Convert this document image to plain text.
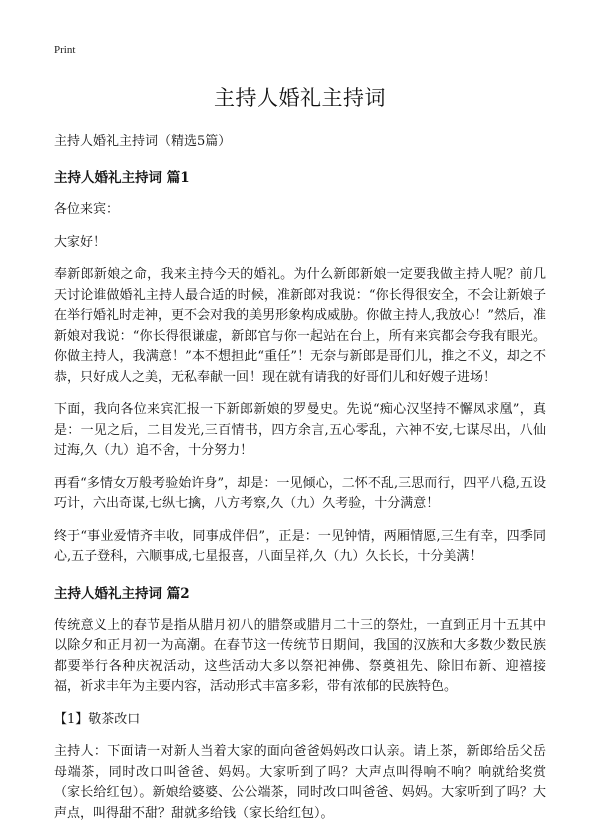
Print
主持人婚礼主持词
主持人婚礼主持词（精选5篇）
主持人婚礼主持词 篇1

各位来宾：

大家好！

奉新郎新娘之命，我来主持今天的婚礼。为什么新郎新娘一定要我做主持人呢？前几天讨论谁做婚礼主持人最合适的时候，准新郎对我说：“你长得很安全，不会让新娘子在举行婚礼时走神，更不会对我的美男形象构成威胁。你做主持人,我放心！”然后，准新娘对我说：“你长得很谦虚，新郎官与你一起站在台上，所有来宾都会夸我有眼光。你做主持人，我满意！”本不想担此“重任”！无奈与新郎是哥们儿，推之不义，却之不恭，只好成人之美，无私奉献一回！现在就有请我的好哥们儿和好嫂子进场！

下面，我向各位来宾汇报一下新郎新娘的罗曼史。先说“痴心汉坚持不懈凤求凰”，真是：一见之后，二目发光,三百情书，四方余言,五心零乱，六神不安,七谋尽出，八仙过海,久（九）追不舍，十分努力！

再看“多情女万般考验始许身”，却是：一见倾心，二怀不乱,三思而行，四平八稳,五设巧计，六出奇谋,七纵七擒，八方考察,久（九）久考验，十分满意！

终于“事业爱情齐丰收，同事成伴侣”，正是：一见钟情，两厢情愿,三生有幸，四季同心,五子登科，六顺事成,七星报喜，八面呈祥,久（九）久长长，十分美满！

主持人婚礼主持词 篇2

传统意义上的春节是指从腊月初八的腊祭或腊月二十三的祭灶，一直到正月十五其中以除夕和正月初一为高潮。在春节这一传统节日期间，我国的汉族和大多数少数民族都要举行各种庆祝活动，这些活动大多以祭祀神佛、祭奠祖先、除旧布新、迎禧接福，祈求丰年为主要内容，活动形式丰富多彩，带有浓郁的民族特色。

【1】敬茶改口

主持人：下面请一对新人当着大家的面向爸爸妈妈改口认亲。请上茶，新郎给岳父岳母端茶，同时改口叫爸爸、妈妈。大家听到了吗？大声点叫得响不响？响就给奖赏（家长给红包）。新娘给婆婆、公公端茶，同时改口叫爸爸、妈妈。大家听到了吗？大声点，叫得甜不甜？甜就多给钱（家长给红包）。
